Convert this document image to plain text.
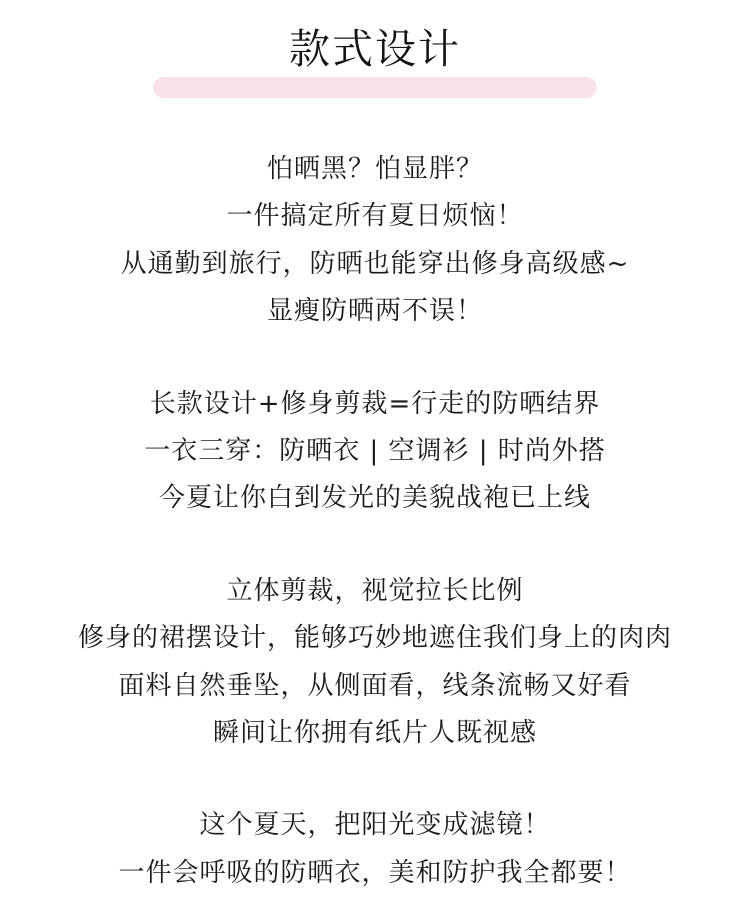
款式设计
怕晒黑？怕显胖？
一件搞定所有夏日烦恼！
从通勤到旅行，防晒也能穿出修身高级感~
显瘦防晒两不误！
长款设计+修身剪裁=行走的防晒结界
一衣三穿：防晒衣 | 空调衫 | 时尚外搭
今夏让你白到发光的美貌战袍已上线
立体剪裁，视觉拉长比例
修身的裙摆设计，能够巧妙地遮住我们身上的肉肉
面料自然垂坠，从侧面看，线条流畅又好看
瞬间让你拥有纸片人既视感
这个夏天，把阳光变成滤镜！
一件会呼吸的防晒衣，美和防护我全都要！
